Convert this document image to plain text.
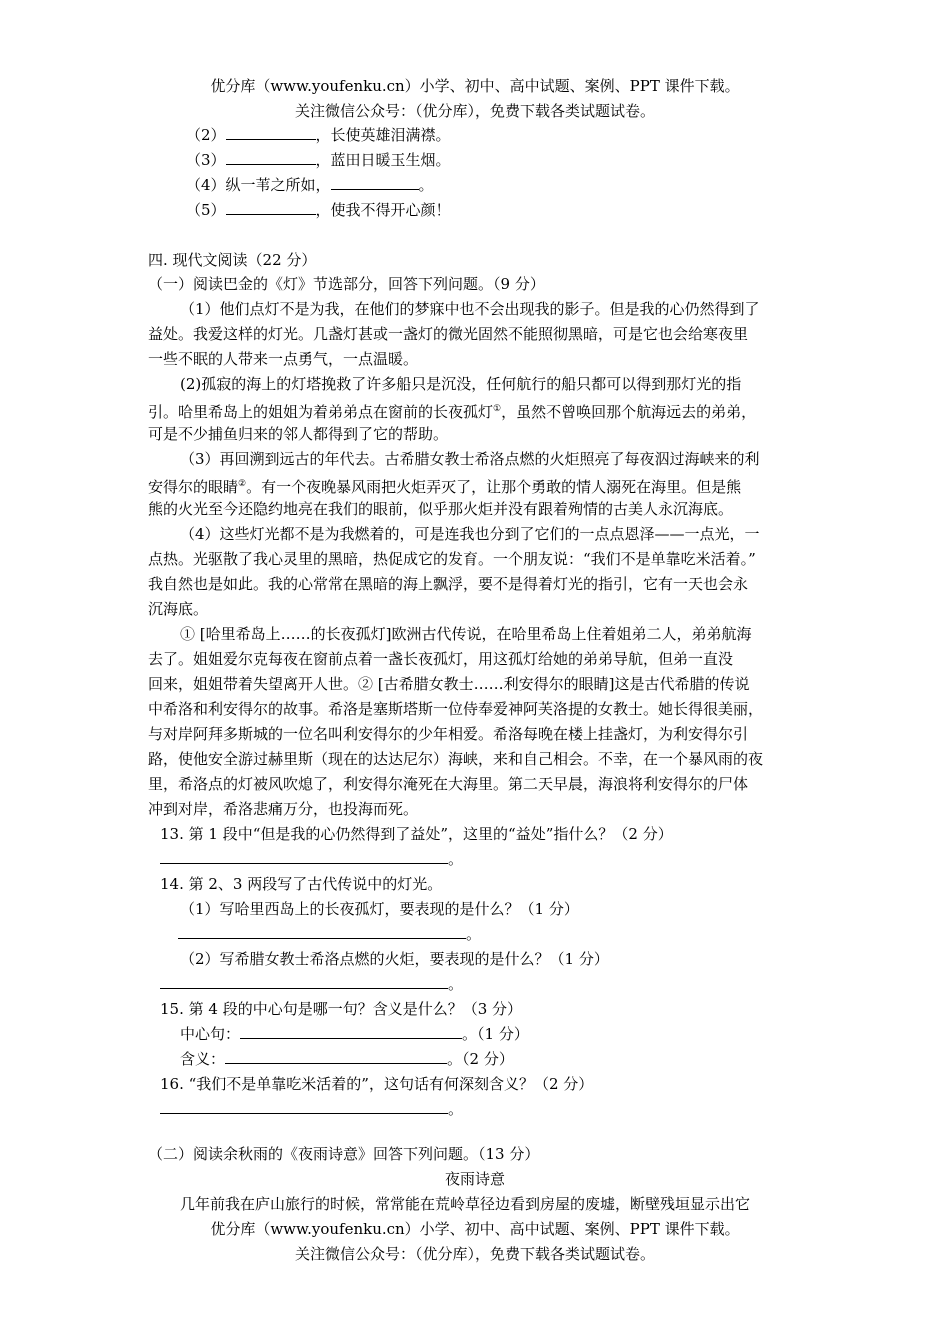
优分库（www.youfenku.cn）小学、初中、高中试题、案例、PPT 课件下载。
关注微信公众号：（优分库），免费下载各类试题试卷。
（2）	，长使英雄泪满襟。
（3）	，蓝田日暖玉生烟。
（4）纵一苇之所如，	。
（5）	，使我不得开心颜！
四. 现代文阅读（22 分）
（一）阅读巴金的《灯》节选部分，回答下列问题。（9 分）
（1）他们点灯不是为我，在他们的梦寐中也不会出现我的影子。但是我的心仍然得到了
益处。我爱这样的灯光。几盏灯甚或一盏灯的微光固然不能照彻黑暗，可是它也会给寒夜里
一些不眠的人带来一点勇气，一点温暖。
(2)孤寂的海上的灯塔挽救了许多船只是沉没，任何航行的船只都可以得到那灯光的指
引。哈里希岛上的姐姐为着弟弟点在窗前的长夜孤灯①，虽然不曾唤回那个航海远去的弟弟，
可是不少捕鱼归来的邻人都得到了它的帮助。
（3）再回溯到远古的年代去。古希腊女教士希洛点燃的火炬照亮了每夜泅过海峡来的利
安得尔的眼睛②。有一个夜晚暴风雨把火炬弄灭了，让那个勇敢的情人溺死在海里。但是熊
熊的火光至今还隐约地亮在我们的眼前，似乎那火炬并没有跟着殉情的古美人永沉海底。
（4）这些灯光都不是为我燃着的，可是连我也分到了它们的一点点恩泽——一点光，一
点热。光驱散了我心灵里的黑暗，热促成它的发育。一个朋友说：“我们不是单靠吃米活着。”
我自然也是如此。我的心常常在黑暗的海上飘浮，要不是得着灯光的指引，它有一天也会永
沉海底。
① [哈里希岛上……的长夜孤灯]欧洲古代传说，在哈里希岛上住着姐弟二人，弟弟航海
去了。姐姐爱尔克每夜在窗前点着一盏长夜孤灯，用这孤灯给她的弟弟导航，但弟一直没
回来，姐姐带着失望离开人世。② [古希腊女教士……利安得尔的眼睛]这是古代希腊的传说
中希洛和利安得尔的故事。希洛是塞斯塔斯一位侍奉爱神阿芙洛提的女教士。她长得很美丽，
与对岸阿拜多斯城的一位名叫利安得尔的少年相爱。希洛每晚在楼上挂盏灯，为利安得尔引
路，使他安全游过赫里斯（现在的达达尼尔）海峡，来和自己相会。不幸，在一个暴风雨的夜
里，希洛点的灯被风吹熄了，利安得尔淹死在大海里。第二天早晨，海浪将利安得尔的尸体
冲到对岸，希洛悲痛万分，也投海而死。
13. 第 1 段中“但是我的心仍然得到了益处”，这里的“益处”指什么？（2 分）
。
14. 第 2、3 两段写了古代传说中的灯光。
（1）写哈里西岛上的长夜孤灯，要表现的是什么？（1 分）
。
（2）写希腊女教士希洛点燃的火炬，要表现的是什么？（1 分）
。
15. 第 4 段的中心句是哪一句？含义是什么？（3 分）
中心句：	。（1 分）
含义：	。（2 分）
16. “我们不是单靠吃米活着的”，这句话有何深刻含义？（2 分）
。
（二）阅读余秋雨的《夜雨诗意》回答下列问题。（13 分）
夜雨诗意
几年前我在庐山旅行的时候，常常能在荒岭草径边看到房屋的废墟，断壁残垣显示出它
优分库（www.youfenku.cn）小学、初中、高中试题、案例、PPT 课件下载。
关注微信公众号：（优分库），免费下载各类试题试卷。
